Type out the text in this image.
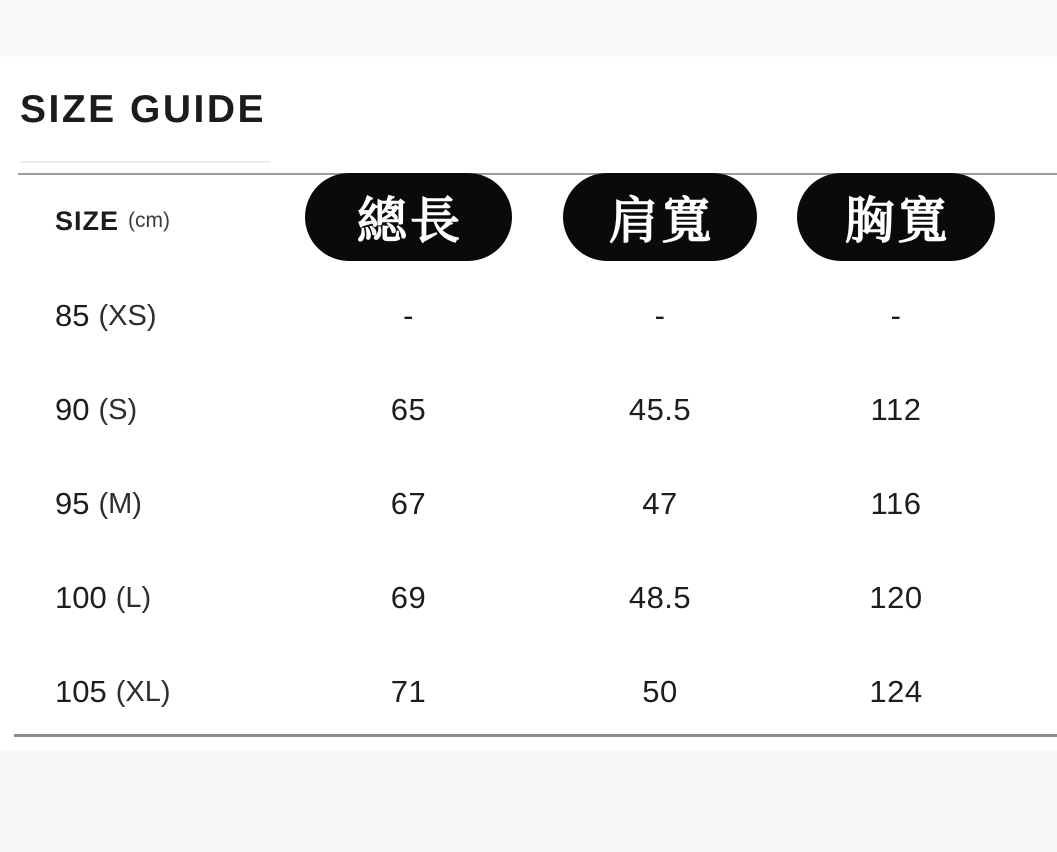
SIZE GUIDE
SIZE (cm)	總長	肩寬	胸寬
85 (XS)	-	-	-
90 (S)	65	45.5	112
95 (M)	67	47	116
100 (L)	69	48.5	120
105 (XL)	71	50	124
